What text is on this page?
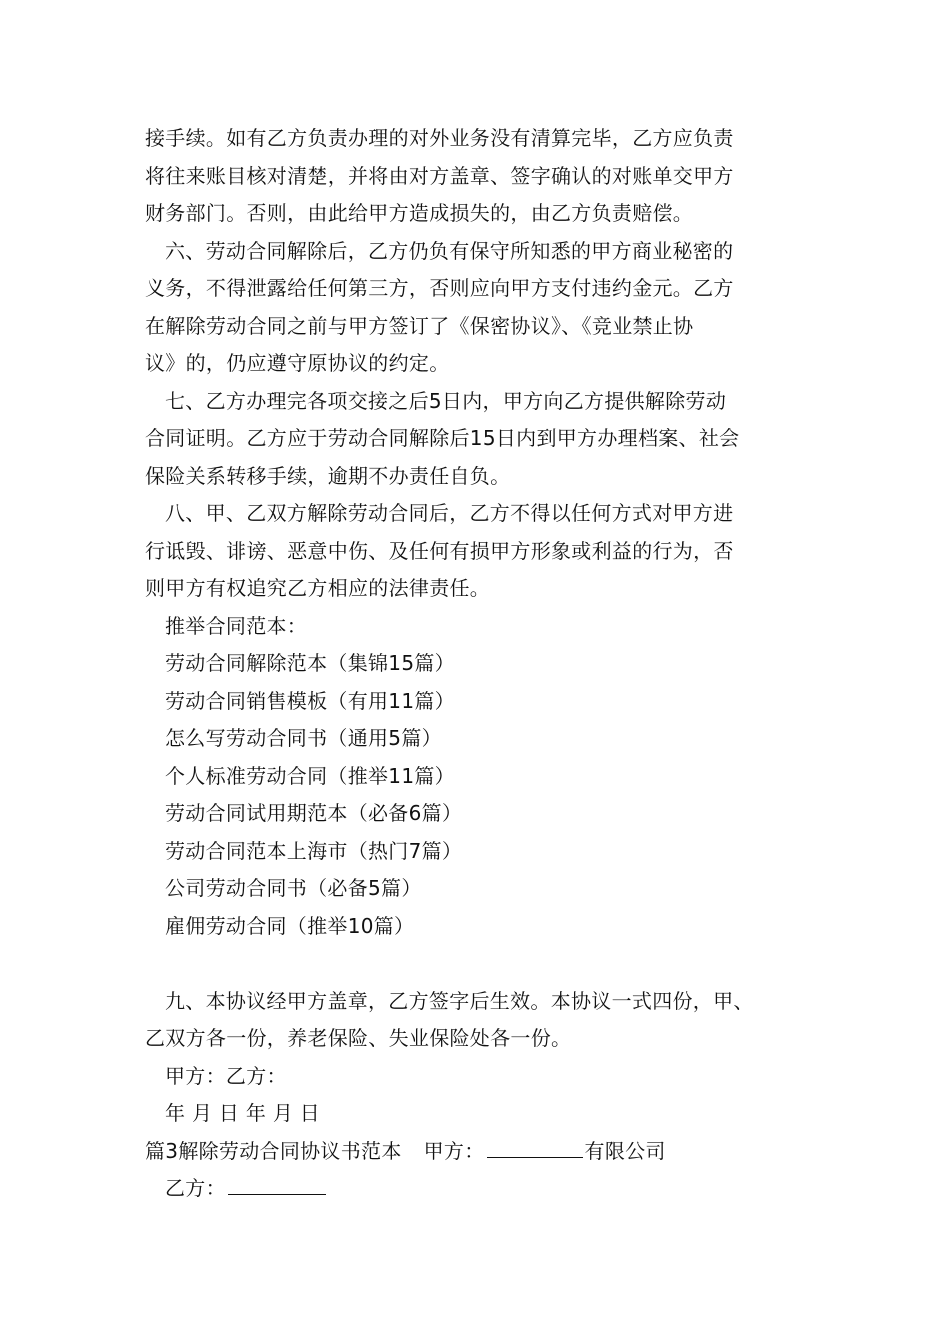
接手续。如有乙方负责办理的对外业务没有清算完毕，乙方应负责
将往来账目核对清楚，并将由对方盖章、签字确认的对账单交甲方
财务部门。否则，由此给甲方造成损失的，由乙方负责赔偿。
六、劳动合同解除后，乙方仍负有保守所知悉的甲方商业秘密的
义务，不得泄露给任何第三方，否则应向甲方支付违约金元。乙方
在解除劳动合同之前与甲方签订了《保密协议》、《竞业禁止协
议》的，仍应遵守原协议的约定。
七、乙方办理完各项交接之后5日内，甲方向乙方提供解除劳动
合同证明。乙方应于劳动合同解除后15日内到甲方办理档案、社会
保险关系转移手续，逾期不办责任自负。
八、甲、乙双方解除劳动合同后，乙方不得以任何方式对甲方进
行诋毁、诽谤、恶意中伤、及任何有损甲方形象或利益的行为，否
则甲方有权追究乙方相应的法律责任。
推举合同范本：
劳动合同解除范本（集锦15篇）
劳动合同销售模板（有用11篇）
怎么写劳动合同书（通用5篇）
个人标准劳动合同（推举11篇）
劳动合同试用期范本（必备6篇）
劳动合同范本上海市（热门7篇）
公司劳动合同书（必备5篇）
雇佣劳动合同（推举10篇）
九、本协议经甲方盖章，乙方签字后生效。本协议一式四份，甲、
乙双方各一份，养老保险、失业保险处各一份。
甲方：乙方：
年 月 日 年 月 日
篇3解除劳动合同协议书范本 甲方：	有限公司
乙方：
